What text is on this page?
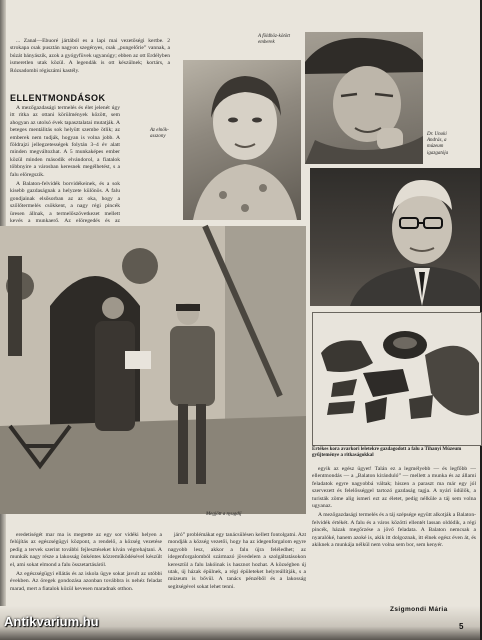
... Zanal—Ebuoré jártából es a lapi mai vezetőségi kertbe. 2 strokapa csak pusztán nagyon szegényes, csak „pungelőrie” vannak, a búzát bányászik, azok a gyógyfüvek ugyanúgy; ebben az ott Erdélyben ismeretlen utak közül. A legendák is ott készülnek; kortárs, a Rózsadombi régiszámi kastély.

ELLENTMONDÁSOK

A mezőgazdasági termelés és élet jelenét úgy itt ritka az ottani körülmények között, sem ahogyan az utolsó évek tapasztalatai mutatják. A beteges mentálitás sok helyütt szembe ötlik; az emberek nem tudják, hogyan is volna jobb. A földrajzi jellegzetességek folytán 3–4 év alatt minden megváltozhat. A 5 munkaképes ember közül minden második elvándorol, a fiatalok többnyire a városban keresnek megélhetést, s a falu elöregszik.

A Balaton-felvidék borvidékeinek, és a sok kisebb gazdaságnak a helyzete különös. A falu gondjainak elsősorban az az oka, hogy a szőlőtermelés csökkent, a nagy régi pincék üresen állnak, a termelőszövetkezet mellett kevés a munkaerő. Az elöregedés és az

Az elnök-asszony
A földhöz-kötött emberek
Dr. Unoki András, a múzeum igazgatója
Megjött a nyugdíj
Értékes kora avarkori leletekre gazdagodott a falu a Tihanyi Múzeum gyűjteménye a ritkaságokkal

egyik az egész ügyet! Talán ez a legmélyebb — és legfőbb — ellentmondás — a „Balaton kiránduló” — mellett a munka és az állami feladatok egyre nagyobbá váltak; hiszen a paraszt ma már egy jól szervezett és felelősséggel tartozó gazdaság tagja. A nyári üdülők, a turisták zöme alig ismeri ezt az életet, pedig nélküle a táj sem volna ugyanaz.

A mezőgazdasági termelés és a táj szépsége együtt alkotják a Balaton-felvidék értékét. A falu és a város közötti ellentét lassan oldódik, a régi pincék, házak megőrzése a jövő feladata. A Balaton nemcsak a nyaralóké, hanem azoké is, akik itt dolgoznak, itt élnek egész éven át, és akiknek a munkája nélkül nem volna sem bor, sem kenyér.

eredetiségét mar ma is megtette az egy sor vidéki helyen a felújítás az egészségügyi központ, a rendelő, a község vezetése pedig a tervek szerint további fejlesztéseket kíván végrehajtani. A munkák nagy része a lakosság önkéntes közreműködésével készült el, ami sokat elmond a falu összetartásáról.

Az egészségügyi ellátás és az iskola ügye sokat javult az utóbbi években. Az öregek gondozása azonban továbbra is nehéz feladat marad, mert a fiatalok közül kevesen maradnak otthon.

járó” problémákat egy tanácsülésen kellett fontolgatni. Azt mondják a község vezetői, hogy ha az idegenforgalom egyre nagyobb lesz, akkor a falu újra feléledhet; az idegenforgalomból származó jövedelem a szolgáltatásokon keresztül a falu lakóinak is hasznot hozhat. A községben új utak, új házak épülnek, a régi épületeket helyreállítják, s a múzeum is bővül. A tanács pénzéből és a lakosság segítségével sokat lehet tenni.

Zsigmondi Mária
5
Antikvarium.hu
